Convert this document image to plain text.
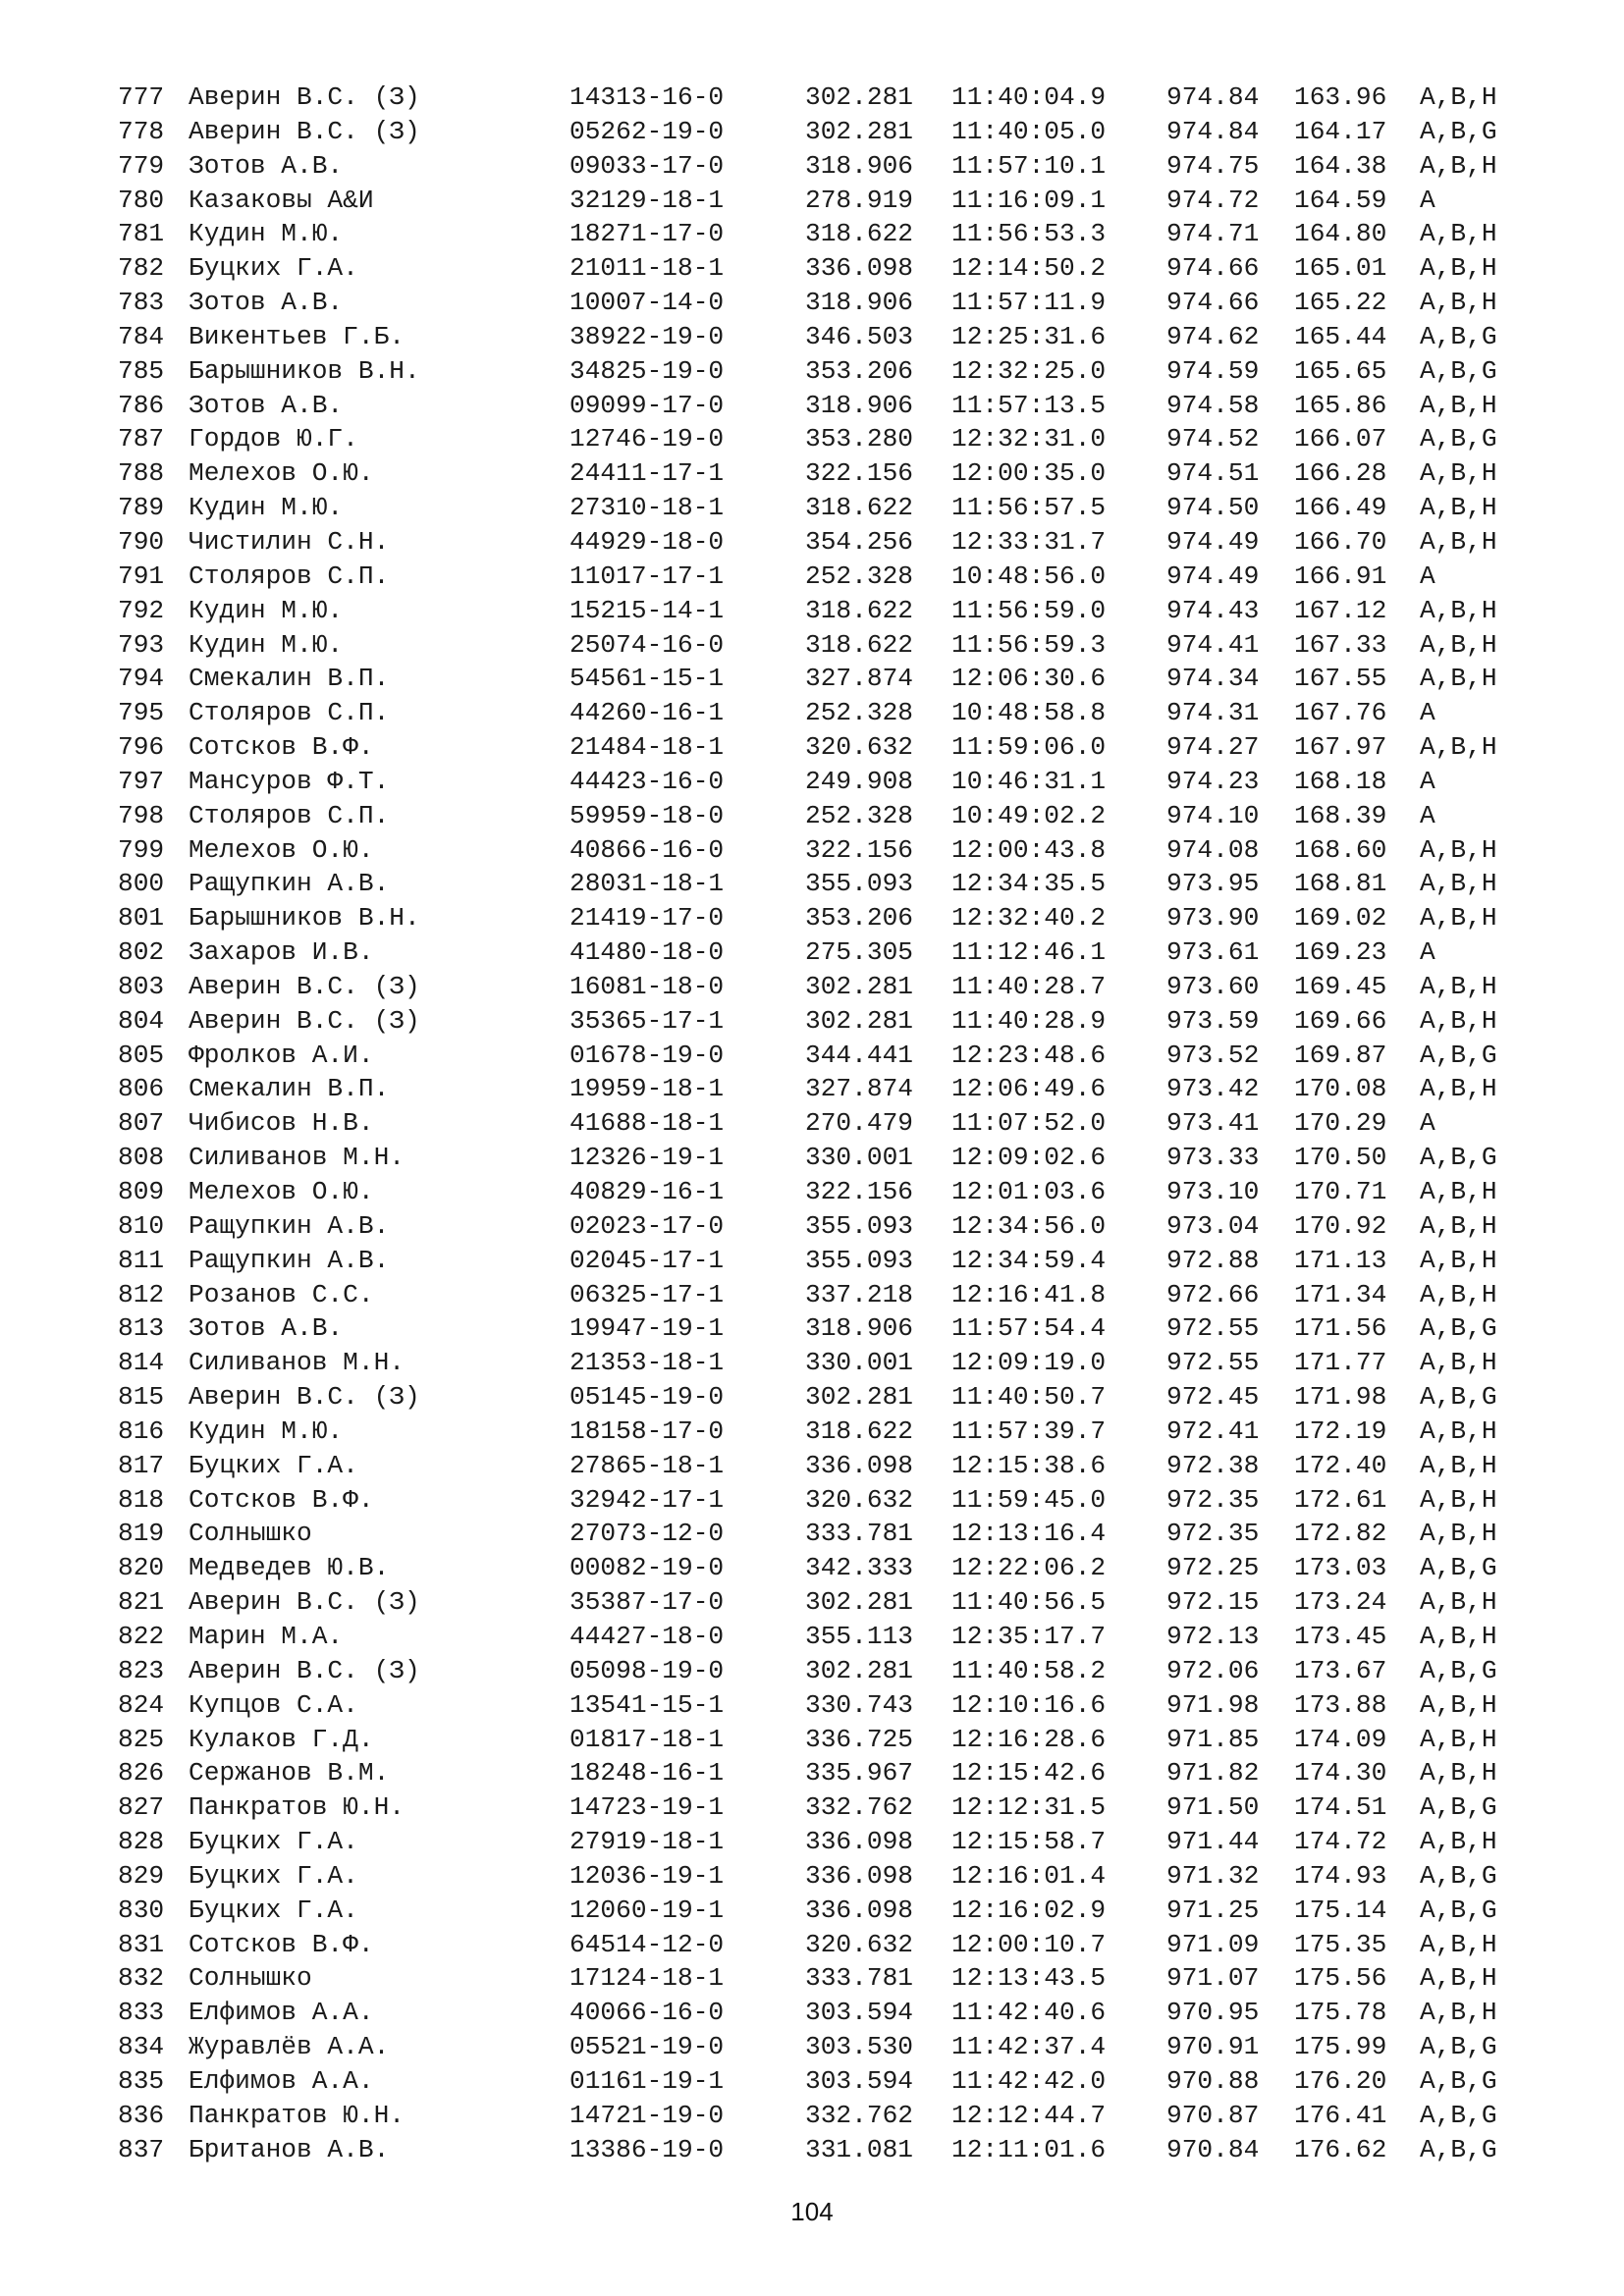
777 Аверин В.С. (З)	14313-16-0	302.281 11:40:04.9 974.84 163.96 A,B,H
778 Аверин В.С. (З)	05262-19-0	302.281 11:40:05.0 974.84 164.17 A,B,G
779 Зотов А.В.	09033-17-0	318.906 11:57:10.1 974.75 164.38 A,B,H
780 Казаковы А&И	32129-18-1	278.919 11:16:09.1 974.72 164.59 A
781 Кудин М.Ю.	18271-17-0	318.622 11:56:53.3 974.71 164.80 A,B,H
782 Буцких Г.А.	21011-18-1	336.098 12:14:50.2 974.66 165.01 A,B,H
783 Зотов А.В.	10007-14-0	318.906 11:57:11.9 974.66 165.22 A,B,H
784 Викентьев Г.Б.	38922-19-0	346.503 12:25:31.6 974.62 165.44 A,B,G
785 Барышников В.Н.	34825-19-0	353.206 12:32:25.0 974.59 165.65 A,B,G
786 Зотов А.В.	09099-17-0	318.906 11:57:13.5 974.58 165.86 A,B,H
787 Гордов Ю.Г.	12746-19-0	353.280 12:32:31.0 974.52 166.07 A,B,G
788 Мелехов О.Ю.	24411-17-1	322.156 12:00:35.0 974.51 166.28 A,B,H
789 Кудин М.Ю.	27310-18-1	318.622 11:56:57.5 974.50 166.49 A,B,H
790 Чистилин С.Н.	44929-18-0	354.256 12:33:31.7 974.49 166.70 A,B,H
791 Столяров С.П.	11017-17-1	252.328 10:48:56.0 974.49 166.91 A
792 Кудин М.Ю.	15215-14-1	318.622 11:56:59.0 974.43 167.12 A,B,H
793 Кудин М.Ю.	25074-16-0	318.622 11:56:59.3 974.41 167.33 A,B,H
794 Смекалин В.П.	54561-15-1	327.874 12:06:30.6 974.34 167.55 A,B,H
795 Столяров С.П.	44260-16-1	252.328 10:48:58.8 974.31 167.76 A
796 Сотсков В.Ф.	21484-18-1	320.632 11:59:06.0 974.27 167.97 A,B,H
797 Мансуров Ф.Т.	44423-16-0	249.908 10:46:31.1 974.23 168.18 A
798 Столяров С.П.	59959-18-0	252.328 10:49:02.2 974.10 168.39 A
799 Мелехов О.Ю.	40866-16-0	322.156 12:00:43.8 974.08 168.60 A,B,H
800 Ращупкин А.В.	28031-18-1	355.093 12:34:35.5 973.95 168.81 A,B,H
801 Барышников В.Н.	21419-17-0	353.206 12:32:40.2 973.90 169.02 A,B,H
802 Захаров И.В.	41480-18-0	275.305 11:12:46.1 973.61 169.23 A
803 Аверин В.С. (З)	16081-18-0	302.281 11:40:28.7 973.60 169.45 A,B,H
804 Аверин В.С. (З)	35365-17-1	302.281 11:40:28.9 973.59 169.66 A,B,H
805 Фролков А.И.	01678-19-0	344.441 12:23:48.6 973.52 169.87 A,B,G
806 Смекалин В.П.	19959-18-1	327.874 12:06:49.6 973.42 170.08 A,B,H
807 Чибисов Н.В.	41688-18-1	270.479 11:07:52.0 973.41 170.29 A
808 Силиванов М.Н.	12326-19-1	330.001 12:09:02.6 973.33 170.50 A,B,G
809 Мелехов О.Ю.	40829-16-1	322.156 12:01:03.6 973.10 170.71 A,B,H
810 Ращупкин А.В.	02023-17-0	355.093 12:34:56.0 973.04 170.92 A,B,H
811 Ращупкин А.В.	02045-17-1	355.093 12:34:59.4 972.88 171.13 A,B,H
812 Розанов С.С.	06325-17-1	337.218 12:16:41.8 972.66 171.34 A,B,H
813 Зотов А.В.	19947-19-1	318.906 11:57:54.4 972.55 171.56 A,B,G
814 Силиванов М.Н.	21353-18-1	330.001 12:09:19.0 972.55 171.77 A,B,H
815 Аверин В.С. (З)	05145-19-0	302.281 11:40:50.7 972.45 171.98 A,B,G
816 Кудин М.Ю.	18158-17-0	318.622 11:57:39.7 972.41 172.19 A,B,H
817 Буцких Г.А.	27865-18-1	336.098 12:15:38.6 972.38 172.40 A,B,H
818 Сотсков В.Ф.	32942-17-1	320.632 11:59:45.0 972.35 172.61 A,B,H
819 Солнышко	27073-12-0	333.781 12:13:16.4 972.35 172.82 A,B,H
820 Медведев Ю.В.	00082-19-0	342.333 12:22:06.2 972.25 173.03 A,B,G
821 Аверин В.С. (З)	35387-17-0	302.281 11:40:56.5 972.15 173.24 A,B,H
822 Марин М.А.	44427-18-0	355.113 12:35:17.7 972.13 173.45 A,B,H
823 Аверин В.С. (З)	05098-19-0	302.281 11:40:58.2 972.06 173.67 A,B,G
824 Купцов С.А.	13541-15-1	330.743 12:10:16.6 971.98 173.88 A,B,H
825 Кулаков Г.Д.	01817-18-1	336.725 12:16:28.6 971.85 174.09 A,B,H
826 Сержанов В.М.	18248-16-1	335.967 12:15:42.6 971.82 174.30 A,B,H
827 Панкратов Ю.Н.	14723-19-1	332.762 12:12:31.5 971.50 174.51 A,B,G
828 Буцких Г.А.	27919-18-1	336.098 12:15:58.7 971.44 174.72 A,B,H
829 Буцких Г.А.	12036-19-1	336.098 12:16:01.4 971.32 174.93 A,B,G
830 Буцких Г.А.	12060-19-1	336.098 12:16:02.9 971.25 175.14 A,B,G
831 Сотсков В.Ф.	64514-12-0	320.632 12:00:10.7 971.09 175.35 A,B,H
832 Солнышко	17124-18-1	333.781 12:13:43.5 971.07 175.56 A,B,H
833 Елфимов А.А.	40066-16-0	303.594 11:42:40.6 970.95 175.78 A,B,H
834 Журавлёв А.А.	05521-19-0	303.530 11:42:37.4 970.91 175.99 A,B,G
835 Елфимов А.А.	01161-19-1	303.594 11:42:42.0 970.88 176.20 A,B,G
836 Панкратов Ю.Н.	14721-19-0	332.762 12:12:44.7 970.87 176.41 A,B,G
837 Британов А.В.	13386-19-0	331.081 12:11:01.6 970.84 176.62 A,B,G
104
